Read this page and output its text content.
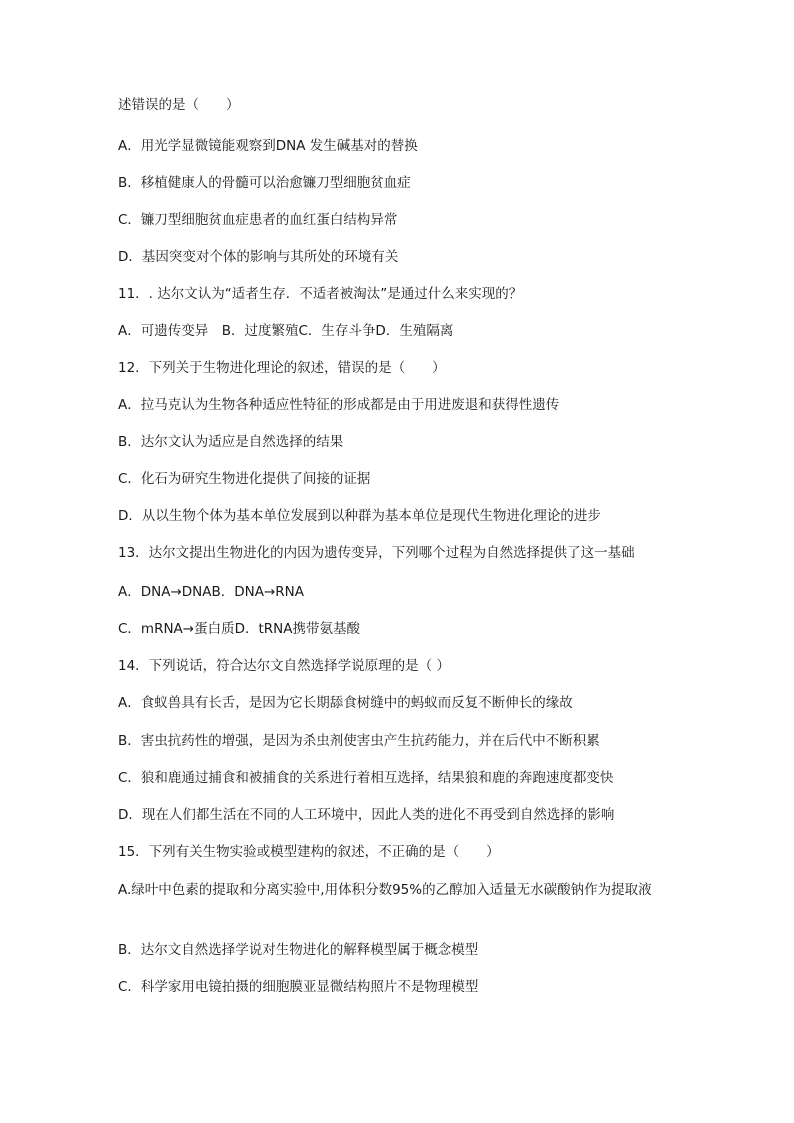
述错误的是（　　）
A．用光学显微镜能观察到DNA 发生碱基对的替换
B．移植健康人的骨髓可以治愈镰刀型细胞贫血症
C．镰刀型细胞贫血症患者的血红蛋白结构异常
D．基因突变对个体的影响与其所处的环境有关
11．. 达尔文认为“适者生存．不适者被淘汰”是通过什么来实现的？
A．可遗传变异　B．过度繁殖C．生存斗争D．生殖隔离
12．下列关于生物进化理论的叙述，错误的是（　　）
A．拉马克认为生物各种适应性特征的形成都是由于用进废退和获得性遗传
B．达尔文认为适应是自然选择的结果
C．化石为研究生物进化提供了间接的证据
D．从以生物个体为基本单位发展到以种群为基本单位是现代生物进化理论的进步
13．达尔文提出生物进化的内因为遗传变异，下列哪个过程为自然选择提供了这一基础
A．DNA→DNAB．DNA→RNA
C．mRNA→蛋白质D．tRNA携带氨基酸
14．下列说话，符合达尔文自然选择学说原理的是（ ）
A．食蚁兽具有长舌，是因为它长期舔食树缝中的蚂蚁而反复不断伸长的缘故
B．害虫抗药性的增强，是因为杀虫剂使害虫产生抗药能力，并在后代中不断积累
C．狼和鹿通过捕食和被捕食的关系进行着相互选择，结果狼和鹿的奔跑速度都变快
D．现在人们都生活在不同的人工环境中，因此人类的进化不再受到自然选择的影响
15．下列有关生物实验或模型建构的叙述，不正确的是（　　）
A.绿叶中色素的提取和分离实验中,用体积分数95%的乙醇加入适量无水碳酸钠作为提取液
B．达尔文自然选择学说对生物进化的解释模型属于概念模型
C．科学家用电镜拍摄的细胞膜亚显微结构照片不是物理模型
